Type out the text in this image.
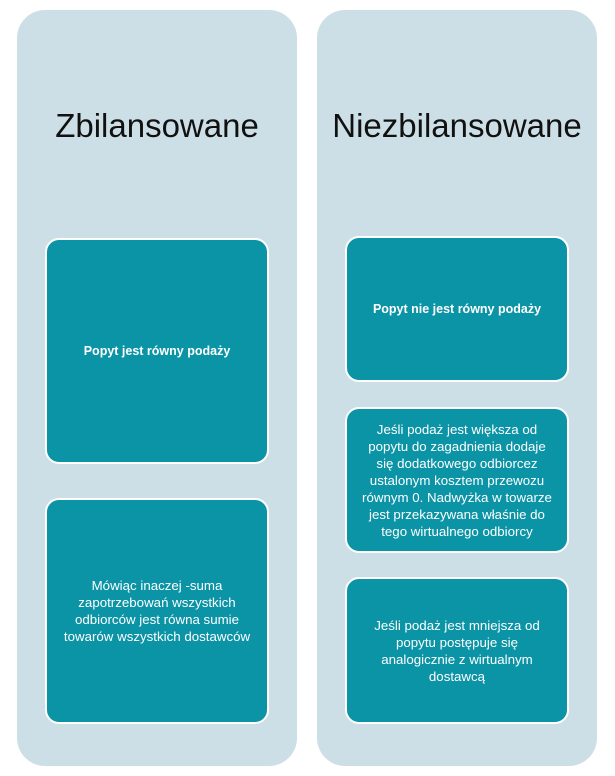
Zbilansowane	Niezbilansowane
Popyt jest równy podaży
Mówiąc inaczej -suma zapotrzebowań wszystkich odbiorców jest równa sumie towarów wszystkich dostawców
Popyt nie jest równy podaży
Jeśli podaż jest większa od popytu do zagadnienia dodaje się dodatkowego odbiorcez ustalonym kosztem przewozu równym 0. Nadwyżka w towarze jest przekazywana właśnie do tego wirtualnego odbiorcy
Jeśli podaż jest mniejsza od popytu postępuje się analogicznie z wirtualnym dostawcą
